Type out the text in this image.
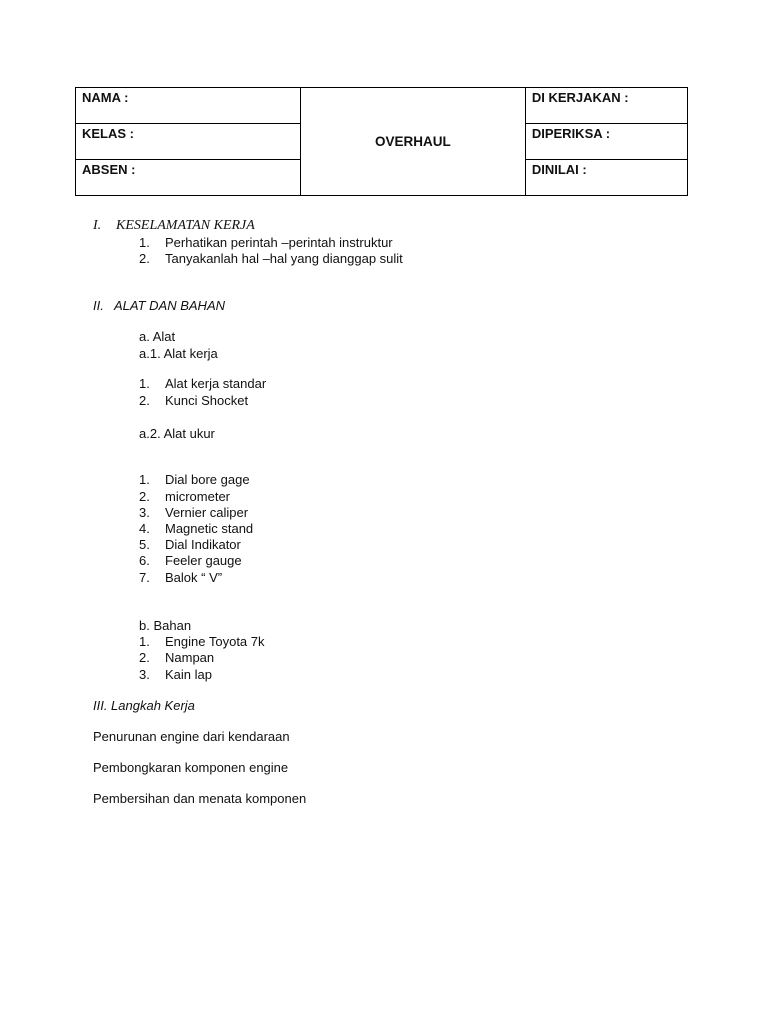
NAMA :	OVERHAUL	DI KERJAKAN :
KELAS :		DIPERIKSA :
ABSEN :		DINILAI :
I. KESELAMATAN KERJA
1. Perhatikan perintah –perintah instruktur
2. Tanyakanlah hal –hal yang dianggap sulit
II. ALAT DAN BAHAN
a. Alat
a.1. Alat kerja
1. Alat kerja standar
2. Kunci Shocket
a.2. Alat ukur
1. Dial bore gage
2. micrometer
3. Vernier caliper
4. Magnetic stand
5. Dial Indikator
6. Feeler gauge
7. Balok “ V”
b. Bahan
1. Engine Toyota 7k
2. Nampan
3. Kain lap
III. Langkah Kerja
Penurunan engine dari kendaraan
Pembongkaran komponen engine
Pembersihan dan menata komponen
